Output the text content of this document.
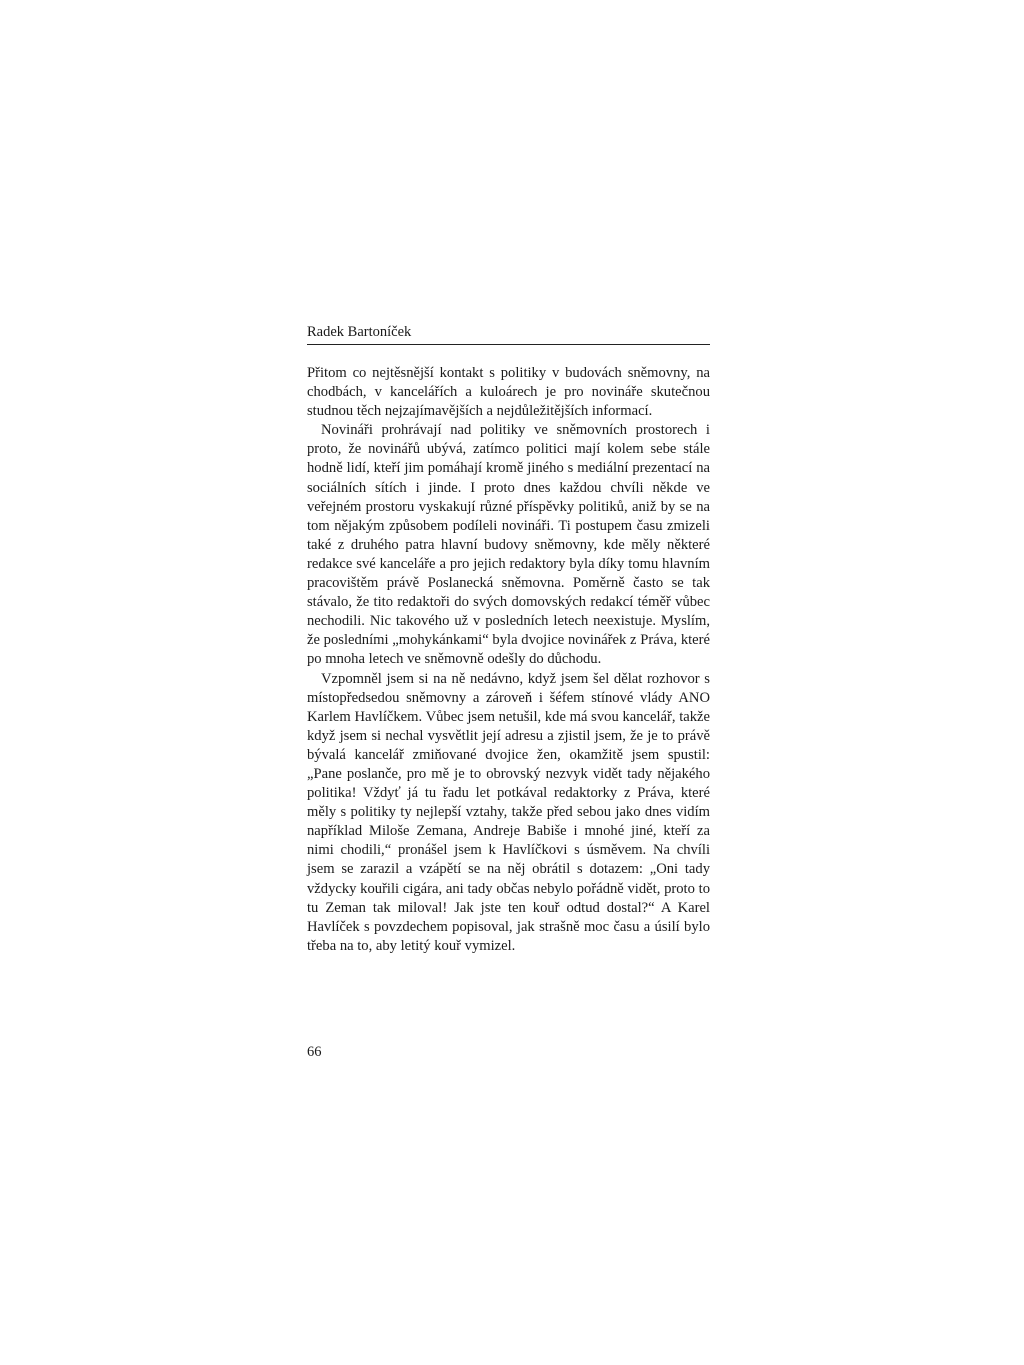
Radek Bartoníček

Přitom co nejtěsnější kontakt s politiky v budovách sněmovny, na chodbách, v kancelářích a kuloárech je pro novináře skutečnou studnou těch nejzajímavějších a nejdůležitějších informací.

Novináři prohrávají nad politiky ve sněmovních prostorech i proto, že novinářů ubývá, zatímco politici mají kolem sebe stále hodně lidí, kteří jim pomáhají kromě jiného s mediální prezentací na sociálních sítích i jinde. I proto dnes každou chvíli někde ve veřejném prostoru vyskakují různé příspěvky politiků, aniž by se na tom nějakým způsobem podíleli novináři. Ti postupem času zmizeli také z druhého patra hlavní budovy sněmovny, kde měly některé redakce své kanceláře a pro jejich redaktory byla díky tomu hlavním pracovištěm právě Poslanecká sněmovna. Poměrně často se tak stávalo, že tito redaktoři do svých domovských redakcí téměř vůbec nechodili. Nic takového už v posledních letech neexistuje. Myslím, že posledními „mohykánkami“ byla dvojice novinářek z Práva, které po mnoha letech ve sněmovně odešly do důchodu.

Vzpomněl jsem si na ně nedávno, když jsem šel dělat rozhovor s místopředsedou sněmovny a zároveň i šéfem stínové vlády ANO Karlem Havlíčkem. Vůbec jsem netušil, kde má svou kancelář, takže když jsem si nechal vysvětlit její adresu a zjistil jsem, že je to právě bývalá kancelář zmiňované dvojice žen, okamžitě jsem spustil: „Pane poslanče, pro mě je to obrovský nezvyk vidět tady nějakého politika! Vždyť já tu řadu let potkával redaktorky z Práva, které měly s politiky ty nejlepší vztahy, takže před sebou jako dnes vidím například Miloše Zemana, Andreje Babiše i mnohé jiné, kteří za nimi chodili,“ pronášel jsem k Havlíčkovi s úsměvem. Na chvíli jsem se zarazil a vzápětí se na něj obrátil s dotazem: „Oni tady vždycky kouřili cigára, ani tady občas nebylo pořádně vidět, proto to tu Zeman tak miloval! Jak jste ten kouř odtud dostal?“ A Karel Havlíček s povzdechem popisoval, jak strašně moc času a úsilí bylo třeba na to, aby letitý kouř vymizel.

66
